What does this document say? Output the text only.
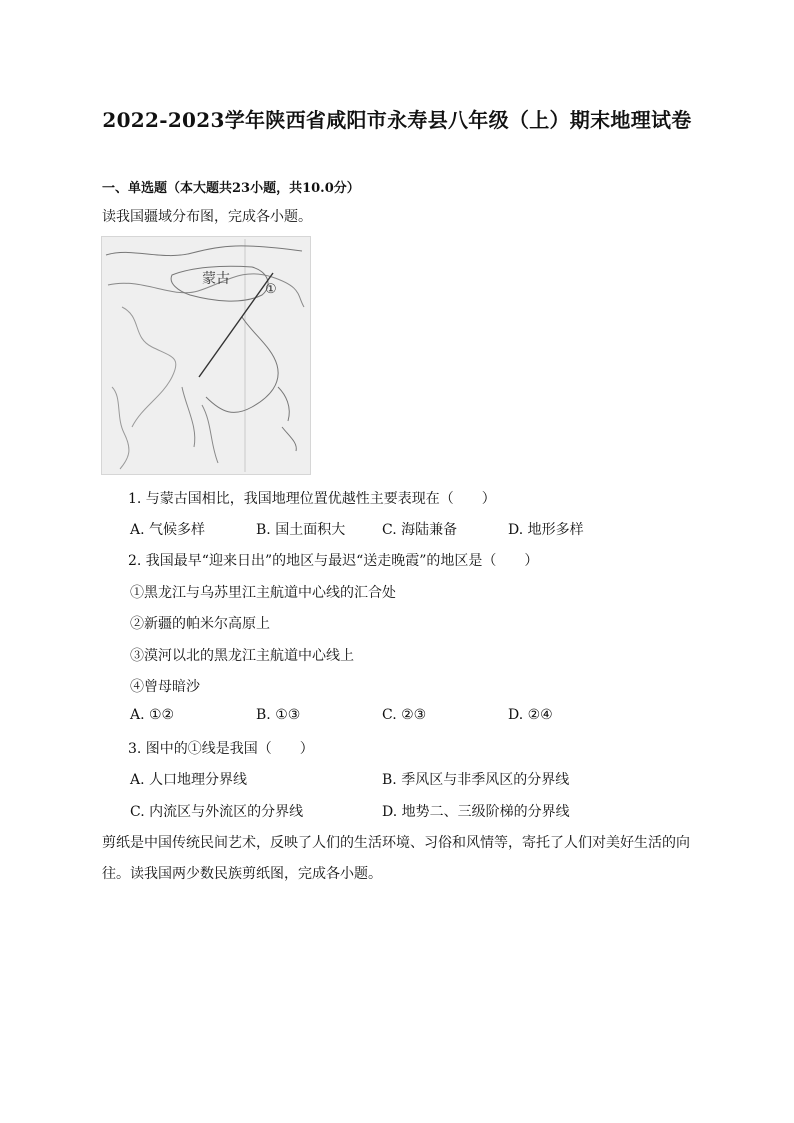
2022-2023学年陕西省咸阳市永寿县八年级（上）期末地理试卷
一、单选题（本大题共23小题，共10.0分）
读我国疆域分布图，完成各小题。
蒙古
①
1. 与蒙古国相比，我国地理位置优越性主要表现在（　　）
A. 气候多样	B. 国土面积大	C. 海陆兼备	D. 地形多样
2. 我国最早“迎来日出”的地区与最迟“送走晚霞”的地区是（　　）
①黑龙江与乌苏里江主航道中心线的汇合处
②新疆的帕米尔高原上
③漠河以北的黑龙江主航道中心线上
④曾母暗沙
A. ①②	B. ①③	C. ②③	D. ②④
3. 图中的①线是我国（　　）
A. 人口地理分界线	B. 季风区与非季风区的分界线
C. 内流区与外流区的分界线	D. 地势二、三级阶梯的分界线
剪纸是中国传统民间艺术，反映了人们的生活环境、习俗和风情等，寄托了人们对美好生活的向
往。读我国两少数民族剪纸图，完成各小题。
